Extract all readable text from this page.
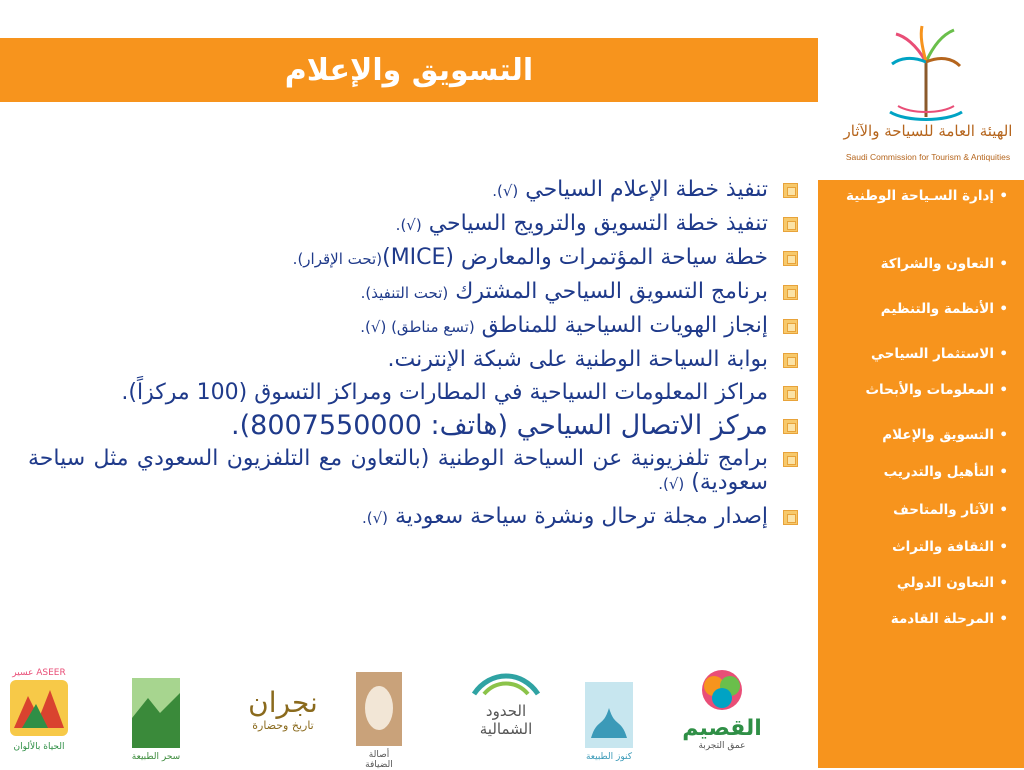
التسويق والإعلام
الهيئة العامة للسياحة والآثار
Saudi Commission for Tourism & Antiquities
• إدارة السـياحة الوطنية
• التعاون والشراكة
• الأنظمة والتنظيم
• الاستثمار السياحي
• المعلومات والأبحاث
• التسويق والإعلام
• التأهيل والتدريب
• الآثار والمتاحف
• الثقافة والتراث
• التعاون الدولي
• المرحلة القادمة
تنفيذ خطة الإعلام السياحي (√).
تنفيذ خطة التسويق والترويج السياحي (√).
خطة سياحة المؤتمرات والمعارض (MICE)(تحت الإقرار).
برنامج التسويق السياحي المشترك (تحت التنفيذ).
إنجاز الهويات السياحية للمناطق (تسع مناطق) (√).
بوابة السياحة الوطنية على شبكة الإنترنت.
مراكز المعلومات السياحية في المطارات ومراكز التسوق (100 مركزاً).
مركز الاتصال السياحي (هاتف: 8007550000).
برامج تلفزيونية عن السياحة الوطنية (بالتعاون مع التلفزيون السعودي مثل سياحة سعودية) (√).
إصدار مجلة ترحال ونشرة سياحة سعودية (√).
ASEER عسير
الحياة بالألوان
سحر الطبيعة
نجران
تاريخ وحضارة
أصالة الضيافة
الحدود الشمالية
كنوز الطبيعة
القصيم
عمق التجربة
